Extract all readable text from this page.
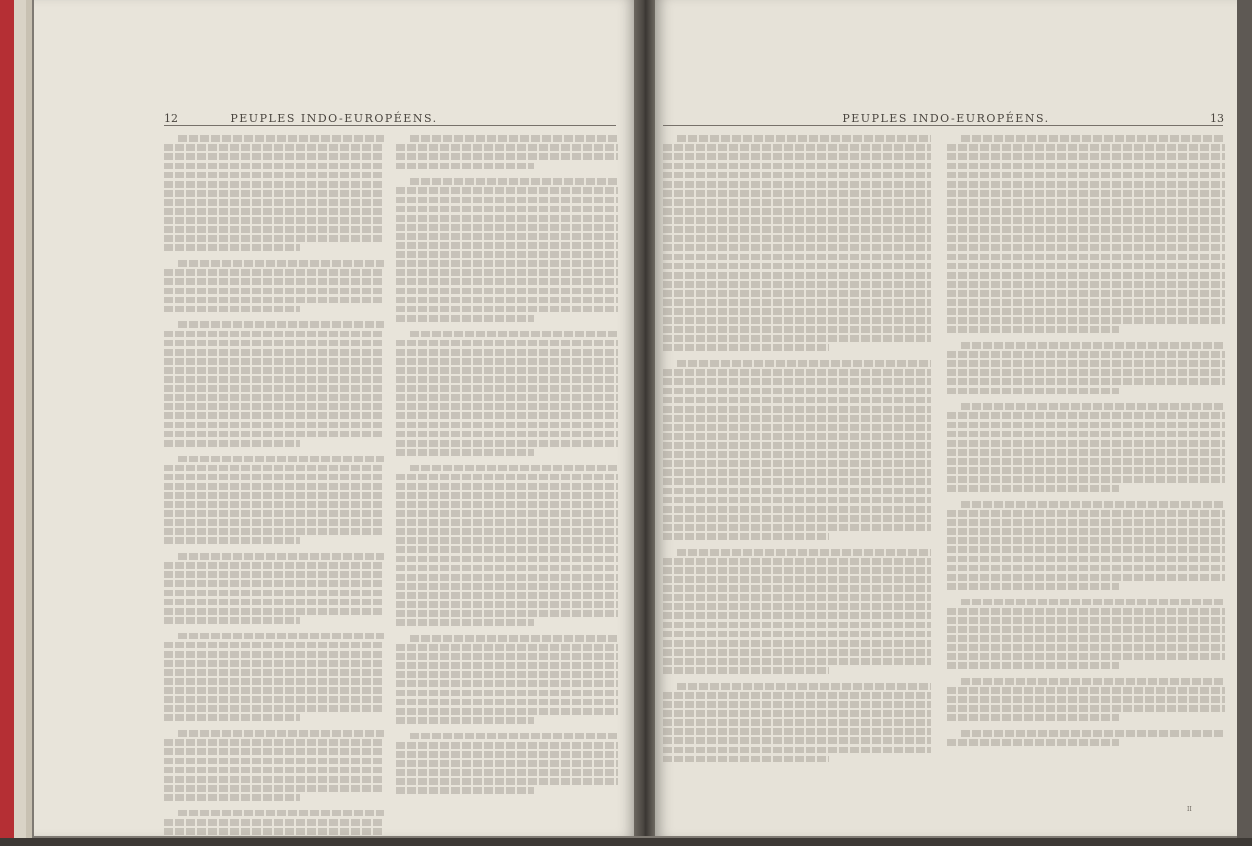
12	PEUPLES INDO-EUROPÉENS.	PEUPLES INDO-EUROPÉENS.	13

II
